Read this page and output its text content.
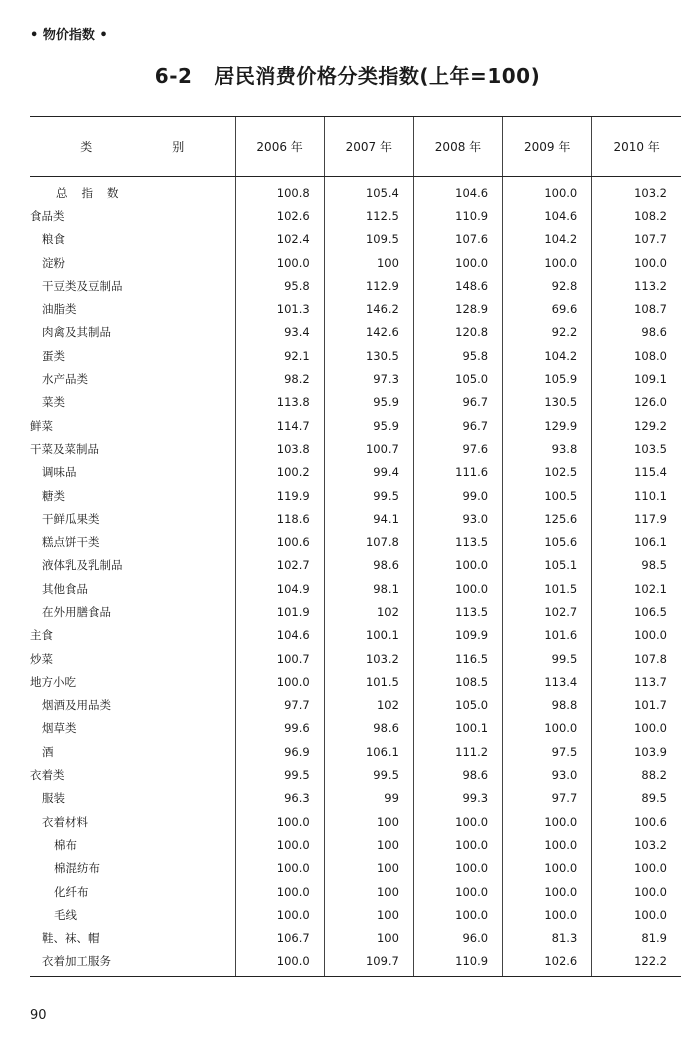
• 物价指数 •
6-2 居民消费价格分类指数(上年=100)
类 别	2006 年	2007 年	2008 年	2009 年	2010 年
总指数	100.8	105.4	104.6	100.0	103.2
食品类	102.6	112.5	110.9	104.6	108.2
粮食	102.4	109.5	107.6	104.2	107.7
淀粉	100.0	100	100.0	100.0	100.0
干豆类及豆制品	95.8	112.9	148.6	92.8	113.2
油脂类	101.3	146.2	128.9	69.6	108.7
肉禽及其制品	93.4	142.6	120.8	92.2	98.6
蛋类	92.1	130.5	95.8	104.2	108.0
水产品类	98.2	97.3	105.0	105.9	109.1
菜类	113.8	95.9	96.7	130.5	126.0
鲜菜	114.7	95.9	96.7	129.9	129.2
干菜及菜制品	103.8	100.7	97.6	93.8	103.5
调味品	100.2	99.4	111.6	102.5	115.4
糖类	119.9	99.5	99.0	100.5	110.1
干鲜瓜果类	118.6	94.1	93.0	125.6	117.9
糕点饼干类	100.6	107.8	113.5	105.6	106.1
液体乳及乳制品	102.7	98.6	100.0	105.1	98.5
其他食品	104.9	98.1	100.0	101.5	102.1
在外用膳食品	101.9	102	113.5	102.7	106.5
主食	104.6	100.1	109.9	101.6	100.0
炒菜	100.7	103.2	116.5	99.5	107.8
地方小吃	100.0	101.5	108.5	113.4	113.7
烟酒及用品类	97.7	102	105.0	98.8	101.7
烟草类	99.6	98.6	100.1	100.0	100.0
酒	96.9	106.1	111.2	97.5	103.9
衣着类	99.5	99.5	98.6	93.0	88.2
服装	96.3	99	99.3	97.7	89.5
衣着材料	100.0	100	100.0	100.0	100.6
棉布	100.0	100	100.0	100.0	103.2
棉混纺布	100.0	100	100.0	100.0	100.0
化纤布	100.0	100	100.0	100.0	100.0
毛线	100.0	100	100.0	100.0	100.0
鞋、袜、帽	106.7	100	96.0	81.3	81.9
衣着加工服务	100.0	109.7	110.9	102.6	122.2
90
